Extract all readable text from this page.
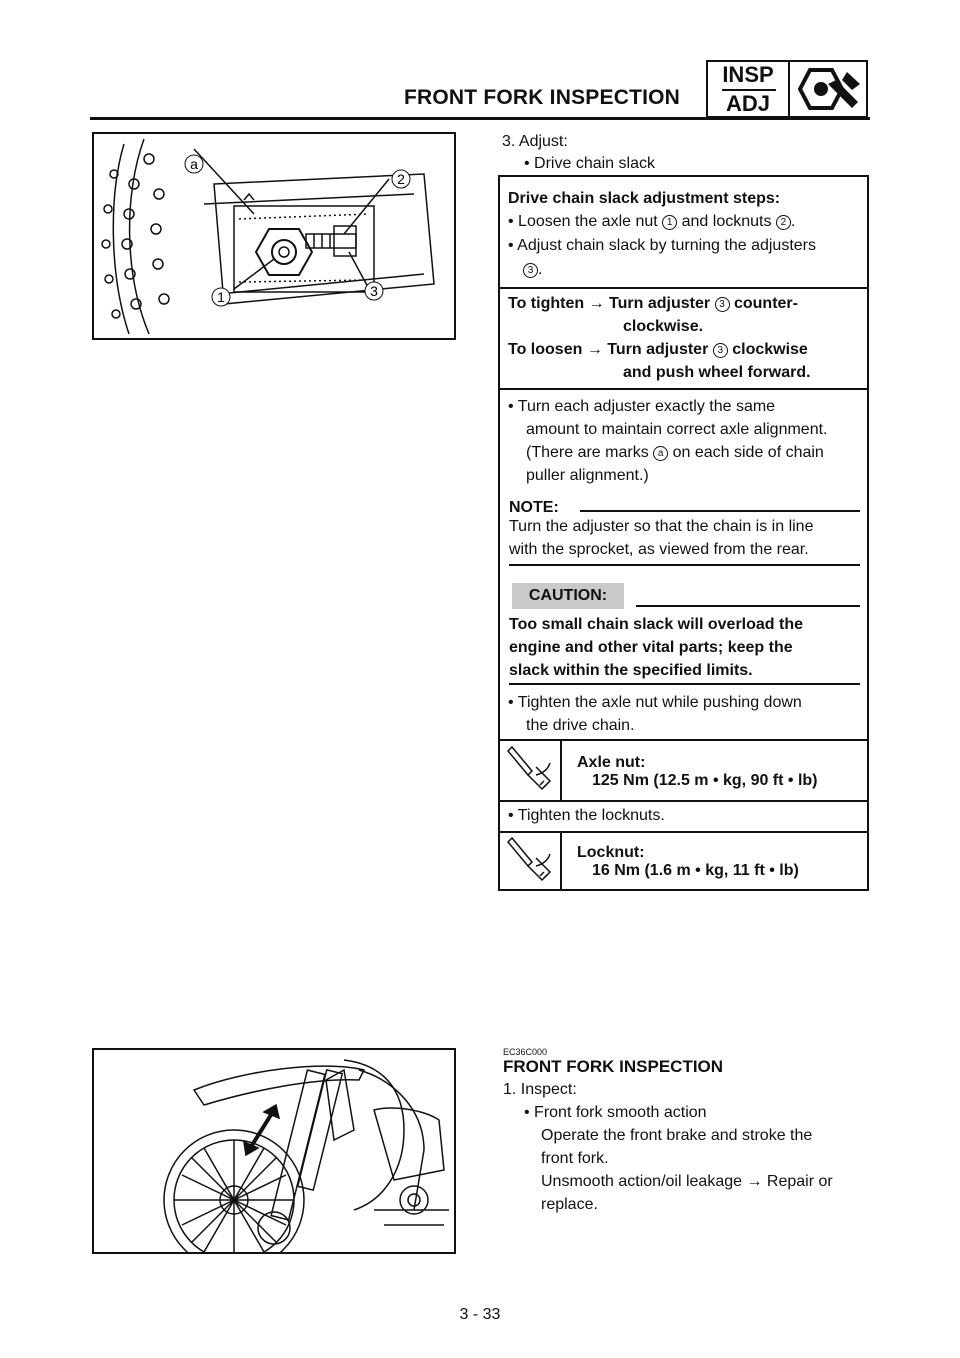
FRONT FORK INSPECTION
INSP
ADJ
a
2
1	3
3. Adjust:
• Drive chain slack
Drive chain slack adjustment steps:
• Loosen the axle nut 1 and locknuts 2 .
• Adjust chain slack by turning the adjusters
3 .
To tighten → Turn adjuster 3 counter-
clockwise.
To loosen → Turn adjuster 3 clockwise
and push wheel forward.
• Turn each adjuster exactly the same
amount to maintain correct axle alignment.
(There are marks a on each side of chain
puller alignment.)
NOTE:
Turn the adjuster so that the chain is in line
with the sprocket, as viewed from the rear.
CAUTION:
Too small chain slack will overload the
engine and other vital parts; keep the
slack within the specified limits.
• Tighten the axle nut while pushing down
the drive chain.
Axle nut:
125 Nm (12.5 m • kg, 90 ft • lb)
• Tighten the locknuts.
Locknut:
16 Nm (1.6 m • kg, 11 ft • lb)
EC36C000
FRONT FORK INSPECTION
1. Inspect:
• Front fork smooth action
Operate the front brake and stroke the
front fork.
Unsmooth action/oil leakage → Repair or
replace.
3 - 33
